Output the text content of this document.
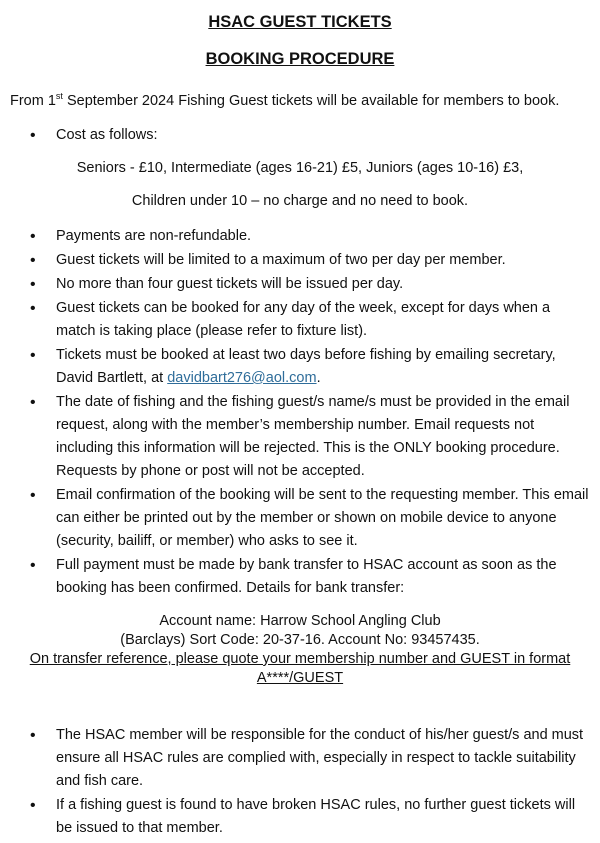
HSAC GUEST TICKETS
BOOKING PROCEDURE

From 1st September 2024 Fishing Guest tickets will be available for members to book.

• Cost as follows:

Seniors - £10, Intermediate (ages 16-21) £5, Juniors (ages 10-16) £3,

Children under 10 – no charge and no need to book.

• Payments are non-refundable.
• Guest tickets will be limited to a maximum of two per day per member.
• No more than four guest tickets will be issued per day.
• Guest tickets can be booked for any day of the week, except for days when a match is taking place (please refer to fixture list).
• Tickets must be booked at least two days before fishing by emailing secretary, David Bartlett, at davidbart276@aol.com.
• The date of fishing and the fishing guest/s name/s must be provided in the email request, along with the member’s membership number. Email requests not including this information will be rejected. This is the ONLY booking procedure. Requests by phone or post will not be accepted.
• Email confirmation of the booking will be sent to the requesting member. This email can either be printed out by the member or shown on mobile device to anyone (security, bailiff, or member) who asks to see it.
• Full payment must be made by bank transfer to HSAC account as soon as the booking has been confirmed. Details for bank transfer:
Account name: Harrow School Angling Club
(Barclays) Sort Code: 20-37-16. Account No: 93457435.
On transfer reference, please quote your membership number and GUEST in format A****/GUEST
• The HSAC member will be responsible for the conduct of his/her guest/s and must ensure all HSAC rules are complied with, especially in respect to tackle suitability and fish care.
• If a fishing guest is found to have broken HSAC rules, no further guest tickets will be issued to that member.
